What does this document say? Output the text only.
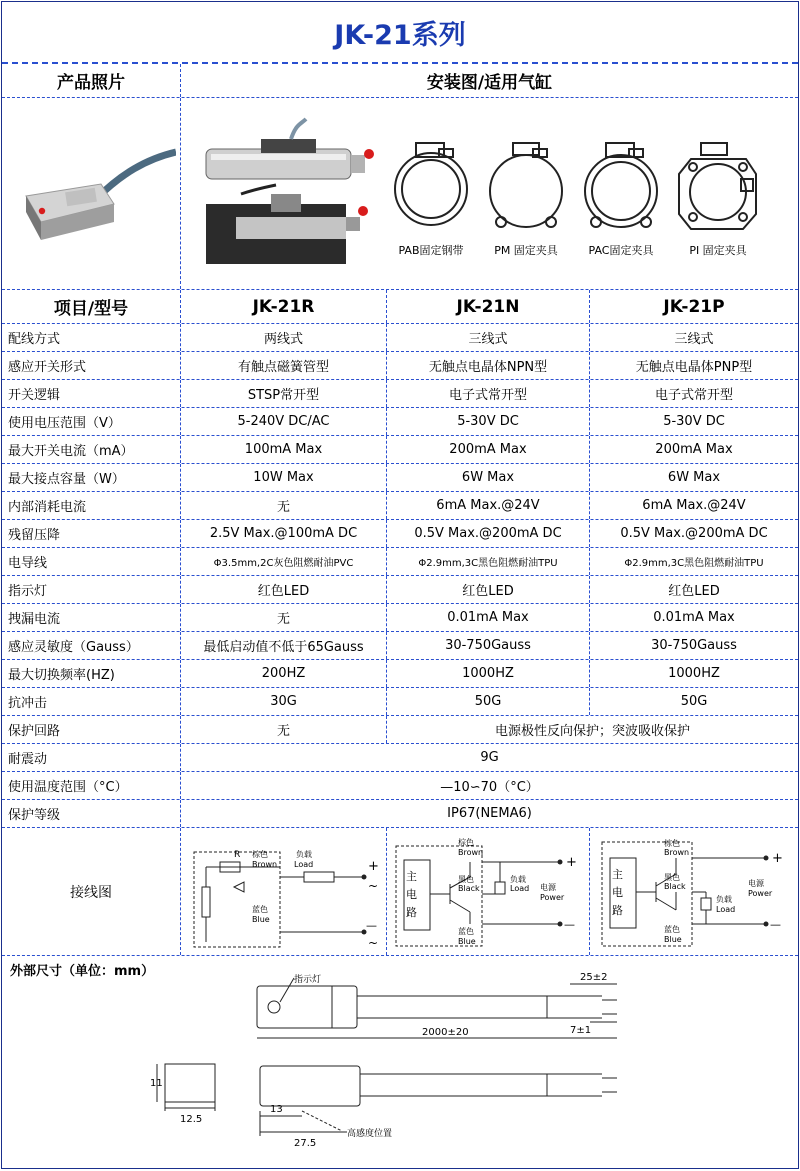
JK-21系列
产品照片	安装图/适用气缸
PAB固定钢带	PM 固定夹具	PAC固定夹具	PI 固定夹具
项目/型号	JK-21R	JK-21N	JK-21P
配线方式	两线式	三线式	三线式
感应开关形式	有触点磁簧管型	无触点电晶体NPN型	无触点电晶体PNP型
开关逻辑	STSP常开型	电子式常开型	电子式常开型
使用电压范围（V）	5-240V DC/AC	5-30V DC	5-30V DC
最大开关电流（mA）	100mA Max	200mA Max	200mA Max
最大接点容量（W）	10W Max	6W Max	6W Max
内部消耗电流	无	6mA Max.@24V	6mA Max.@24V
残留压降	2.5V Max.@100mA DC	0.5V Max.@200mA DC	0.5V Max.@200mA DC
电导线	Φ3.5mm,2C灰色阻燃耐油PVC	Φ2.9mm,3C黑色阻燃耐油TPU	Φ2.9mm,3C黑色阻燃耐油TPU
指示灯	红色LED	红色LED	红色LED
拽漏电流	无	0.01mA Max	0.01mA Max
感应灵敏度（Gauss）	最低启动值不低于65Gauss	30-750Gauss	30-750Gauss
最大切换频率(HZ)	200HZ	1000HZ	1000HZ
抗冲击	30G	50G	50G
保护回路	无	电源极性反向保护；突波吸收保护
耐震动	9G
使用温度范围（°C）	—10∽70（°C）
保护等级	IP67(NEMA6)
接线图
R 棕色
Brown
负载
Load
蓝色
Blue
+
~
—
~
主
电
路
棕色
Brown
黑色
Black
负载
Load 电源
Power
蓝色
Blue
+
—
主
电
路
棕色
Brown
黑色
Black
负载
Load
电源
Power
蓝色
Blue
+
—
外部尺寸（单位：mm）
指示灯	25±2
7±1
2000±20
12.5
11
13
27.5
高感度位置
